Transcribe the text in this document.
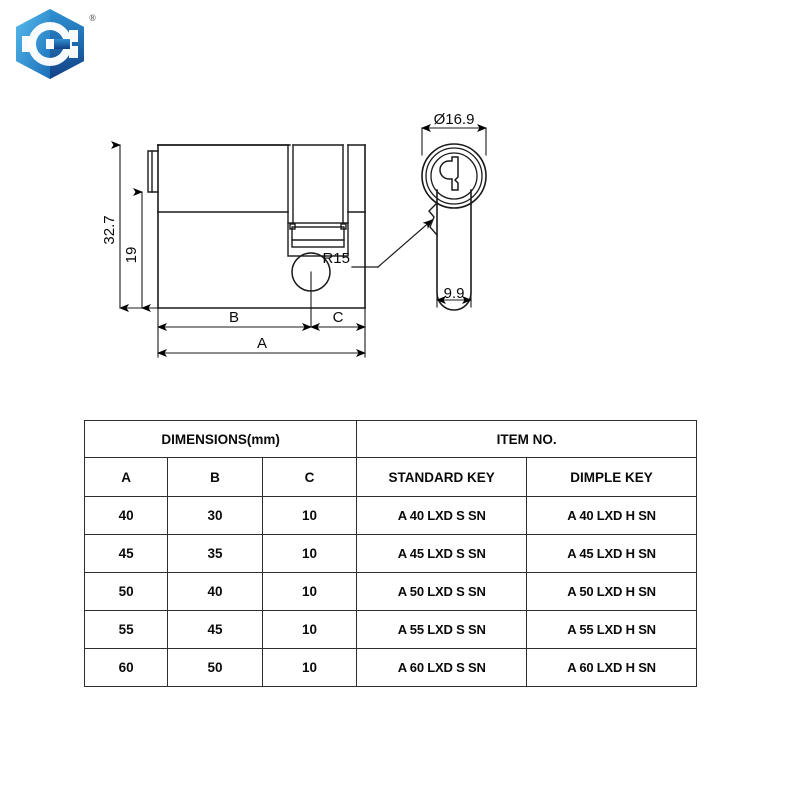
®
32.7
19
B	C
A
Ø16.9
9.9
R15
DIMENSIONS(mm)			ITEM NO.	
A	B	C	STANDARD KEY	DIMPLE KEY
40	30	10	A 40 LXD S SN	A 40 LXD H SN
45	35	10	A 45 LXD S SN	A 45 LXD H SN
50	40	10	A 50 LXD S SN	A 50 LXD H SN
55	45	10	A 55 LXD S SN	A 55 LXD H SN
60	50	10	A 60 LXD S SN	A 60 LXD H SN
